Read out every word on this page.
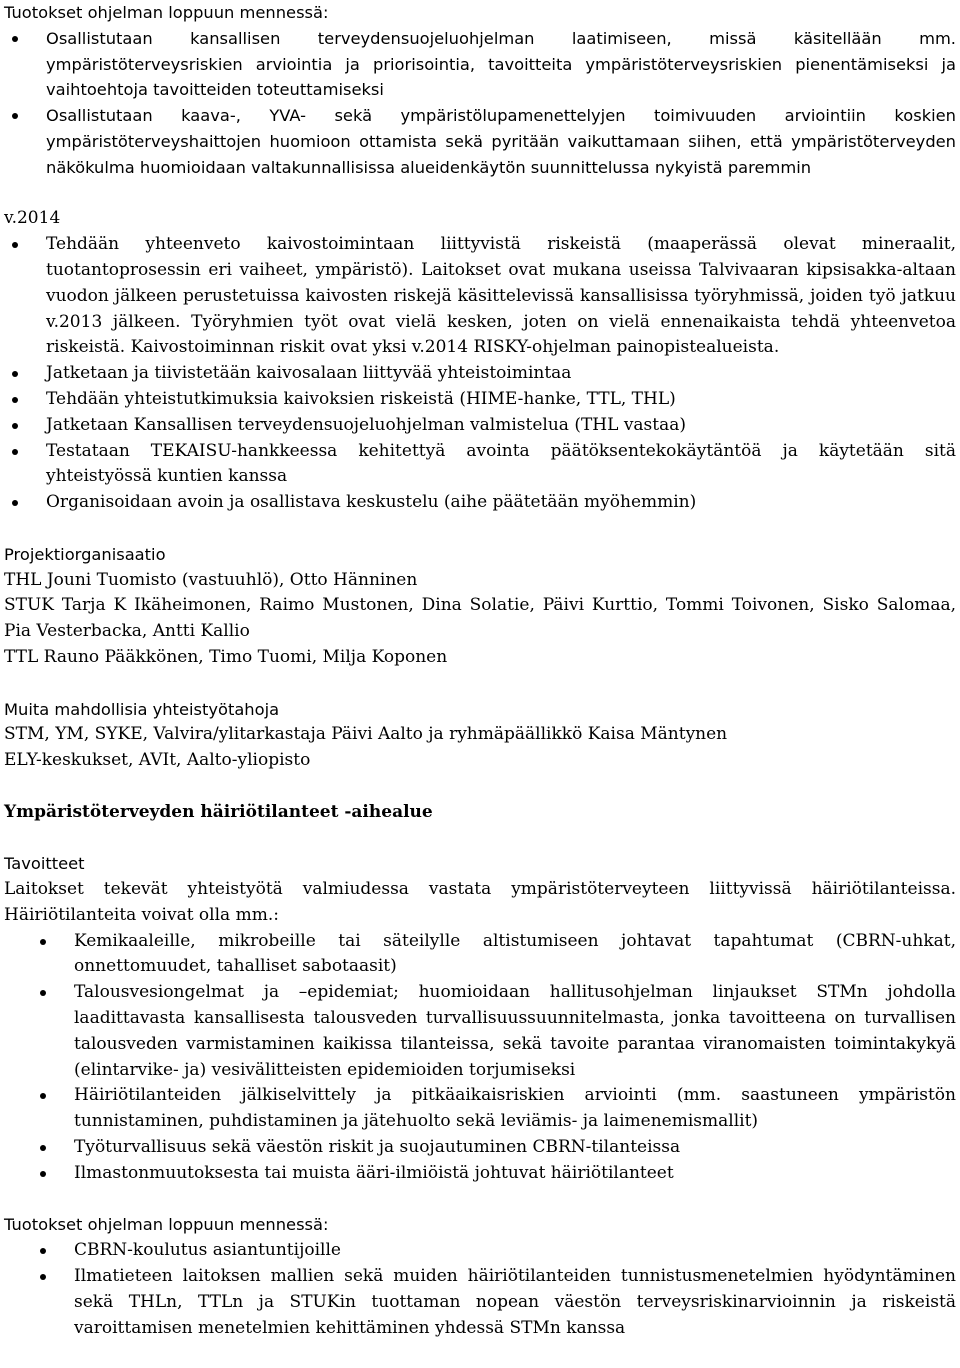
Tuotokset ohjelman loppuun mennessä:

Osallistutaan kansallisen terveydensuojeluohjelman laatimiseen, missä käsitellään mm. ympäristöterveysriskien arviointia ja priorisointia, tavoitteita ympäristöterveysriskien pienentämiseksi ja vaihtoehtoja tavoitteiden toteuttamiseksi
Osallistutaan kaava-, YVA- sekä ympäristölupamenettelyjen toimivuuden arviointiin koskien ympäristöterveyshaittojen huomioon ottamista sekä pyritään vaikuttamaan siihen, että ympäristöterveyden näkökulma huomioidaan valtakunnallisissa alueidenkäytön suunnittelussa nykyistä paremmin

v.2014

Tehdään yhteenveto kaivostoimintaan liittyvistä riskeistä (maaperässä olevat mineraalit, tuotantoprosessin eri vaiheet, ympäristö). Laitokset ovat mukana useissa Talvivaaran kipsisakka-altaan vuodon jälkeen perustetuissa kaivosten riskejä käsittelevissä kansallisissa työryhmissä, joiden työ jatkuu v.2013 jälkeen. Työryhmien työt ovat vielä kesken, joten on vielä ennenaikaista tehdä yhteenvetoa riskeistä. Kaivostoiminnan riskit ovat yksi v.2014 RISKY-ohjelman painopistealueista.
Jatketaan ja tiivistetään kaivosalaan liittyvää yhteistoimintaa
Tehdään yhteistutkimuksia kaivoksien riskeistä (HIME-hanke, TTL, THL)
Jatketaan Kansallisen terveydensuojeluohjelman valmistelua (THL vastaa)
Testataan TEKAISU-hankkeessa kehitettyä avointa päätöksentekokäytäntöä ja käytetään sitä yhteistyössä kuntien kanssa
Organisoidaan avoin ja osallistava keskustelu (aihe päätetään myöhemmin)

Projektiorganisaatio

THL Jouni Tuomisto (vastuuhlö), Otto Hänninen

STUK Tarja K Ikäheimonen, Raimo Mustonen, Dina Solatie, Päivi Kurttio, Tommi Toivonen, Sisko Salomaa, Pia Vesterbacka, Antti Kallio

TTL Rauno Pääkkönen, Timo Tuomi, Milja Koponen

Muita mahdollisia yhteistyötahoja

STM, YM, SYKE, Valvira/ylitarkastaja Päivi Aalto ja ryhmäpäällikkö Kaisa Mäntynen

ELY-keskukset, AVIt, Aalto-yliopisto

Ympäristöterveyden häiriötilanteet -aihealue

Tavoitteet

Laitokset tekevät yhteistyötä valmiudessa vastata ympäristöterveyteen liittyvissä häiriötilanteissa. Häiriötilanteita voivat olla mm.:

Kemikaaleille, mikrobeille tai säteilylle altistumiseen johtavat tapahtumat (CBRN-uhkat, onnettomuudet, tahalliset sabotaasit)
Talousvesiongelmat ja –epidemiat; huomioidaan hallitusohjelman linjaukset STMn johdolla laadittavasta kansallisesta talousveden turvallisuussuunnitelmasta, jonka tavoitteena on turvallisen talousveden varmistaminen kaikissa tilanteissa, sekä tavoite parantaa viranomaisten toimintakykyä (elintarvike- ja) vesivälitteisten epidemioiden torjumiseksi
Häiriötilanteiden jälkiselvittely ja pitkäaikaisriskien arviointi (mm. saastuneen ympäristön tunnistaminen, puhdistaminen ja jätehuolto sekä leviämis- ja laimenemismallit)
Työturvallisuus sekä väestön riskit ja suojautuminen CBRN-tilanteissa
Ilmastonmuutoksesta tai muista ääri-ilmiöistä johtuvat häiriötilanteet

Tuotokset ohjelman loppuun mennessä:

CBRN-koulutus asiantuntijoille
Ilmatieteen laitoksen mallien sekä muiden häiriötilanteiden tunnistusmenetelmien hyödyntäminen sekä THLn, TTLn ja STUKin tuottaman nopean väestön terveysriskinarvioinnin ja riskeistä varoittamisen menetelmien kehittäminen yhdessä STMn kanssa
